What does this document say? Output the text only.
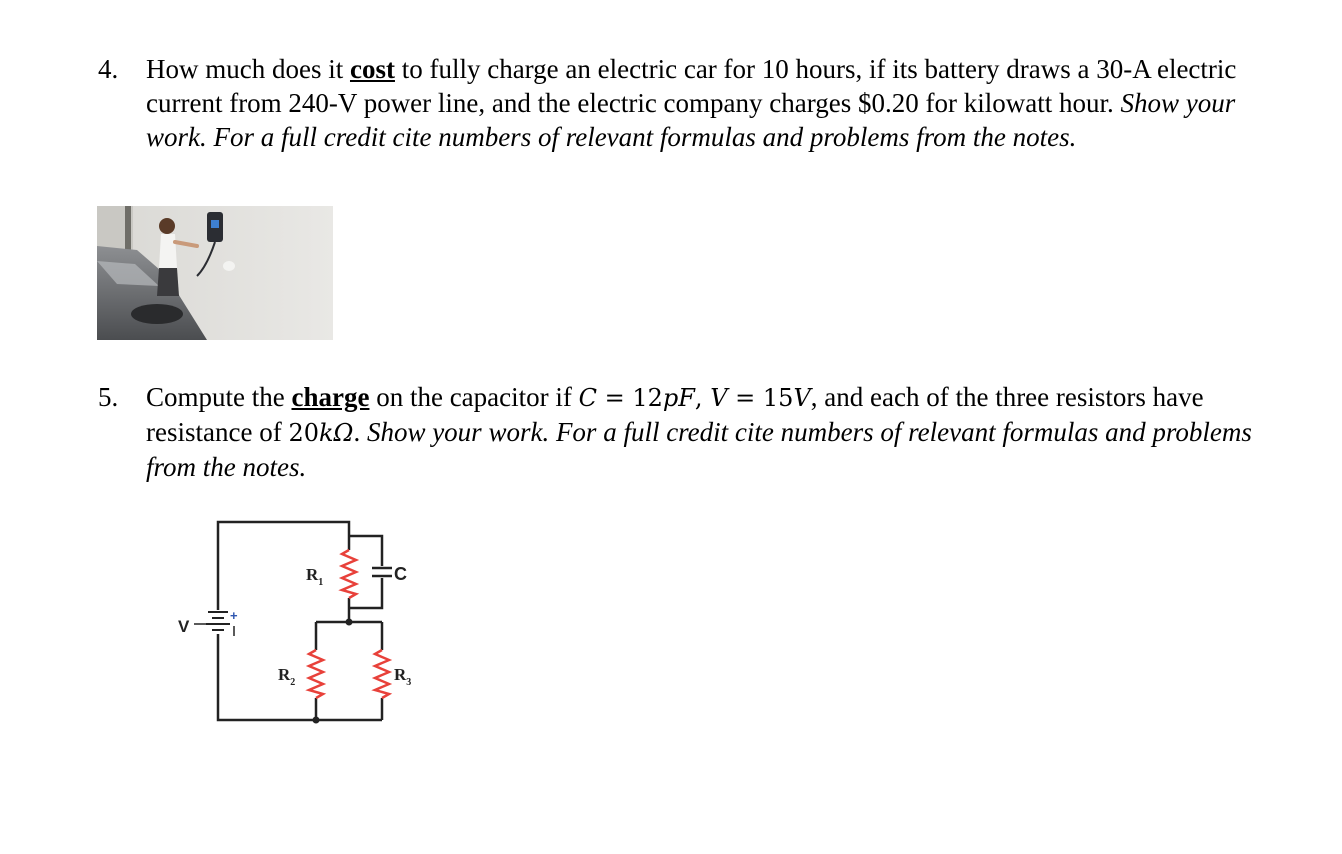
4. How much does it cost to fully charge an electric car for 10 hours, if its battery draws a 30-A electric current from 240-V power line, and the electric company charges $0.20 for kilowatt hour. Show your work. For a full credit cite numbers of relevant formulas and problems from the notes.
5. Compute the charge on the capacitor if C = 12pF, V = 15V, and each of the three resistors have resistance of 20kΩ. Show your work. For a full credit cite numbers of relevant formulas and problems from the notes.
V
+
C
$R_1$
$R_2$	$R_3$
